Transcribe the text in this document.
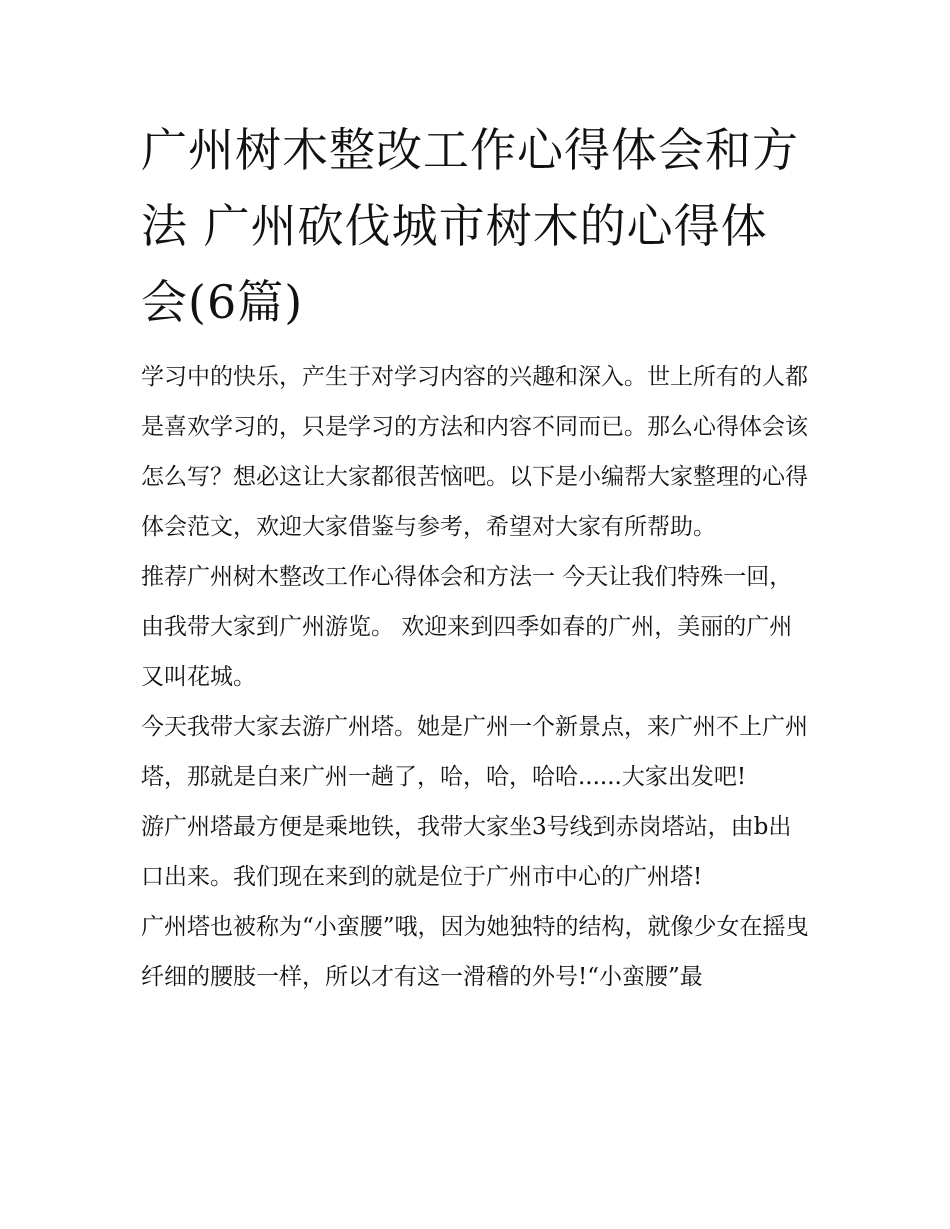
广州树木整改工作心得体会和方法 广州砍伐城市树木的心得体会(6篇)

学习中的快乐，产生于对学习内容的兴趣和深入。世上所有的人都是喜欢学习的，只是学习的方法和内容不同而已。那么心得体会该怎么写？想必这让大家都很苦恼吧。以下是小编帮大家整理的心得体会范文，欢迎大家借鉴与参考，希望对大家有所帮助。

推荐广州树木整改工作心得体会和方法一 今天让我们特殊一回，由我带大家到广州游览。 欢迎来到四季如春的广州，美丽的广州又叫花城。

今天我带大家去游广州塔。她是广州一个新景点，来广州不上广州塔，那就是白来广州一趟了，哈，哈，哈哈......大家出发吧!

游广州塔最方便是乘地铁，我带大家坐3号线到赤岗塔站，由b出口出来。我们现在来到的就是位于广州市中心的广州塔!

广州塔也被称为“小蛮腰”哦，因为她独特的结构，就像少女在摇曳纤细的腰肢一样，所以才有这一滑稽的外号!“小蛮腰”最
